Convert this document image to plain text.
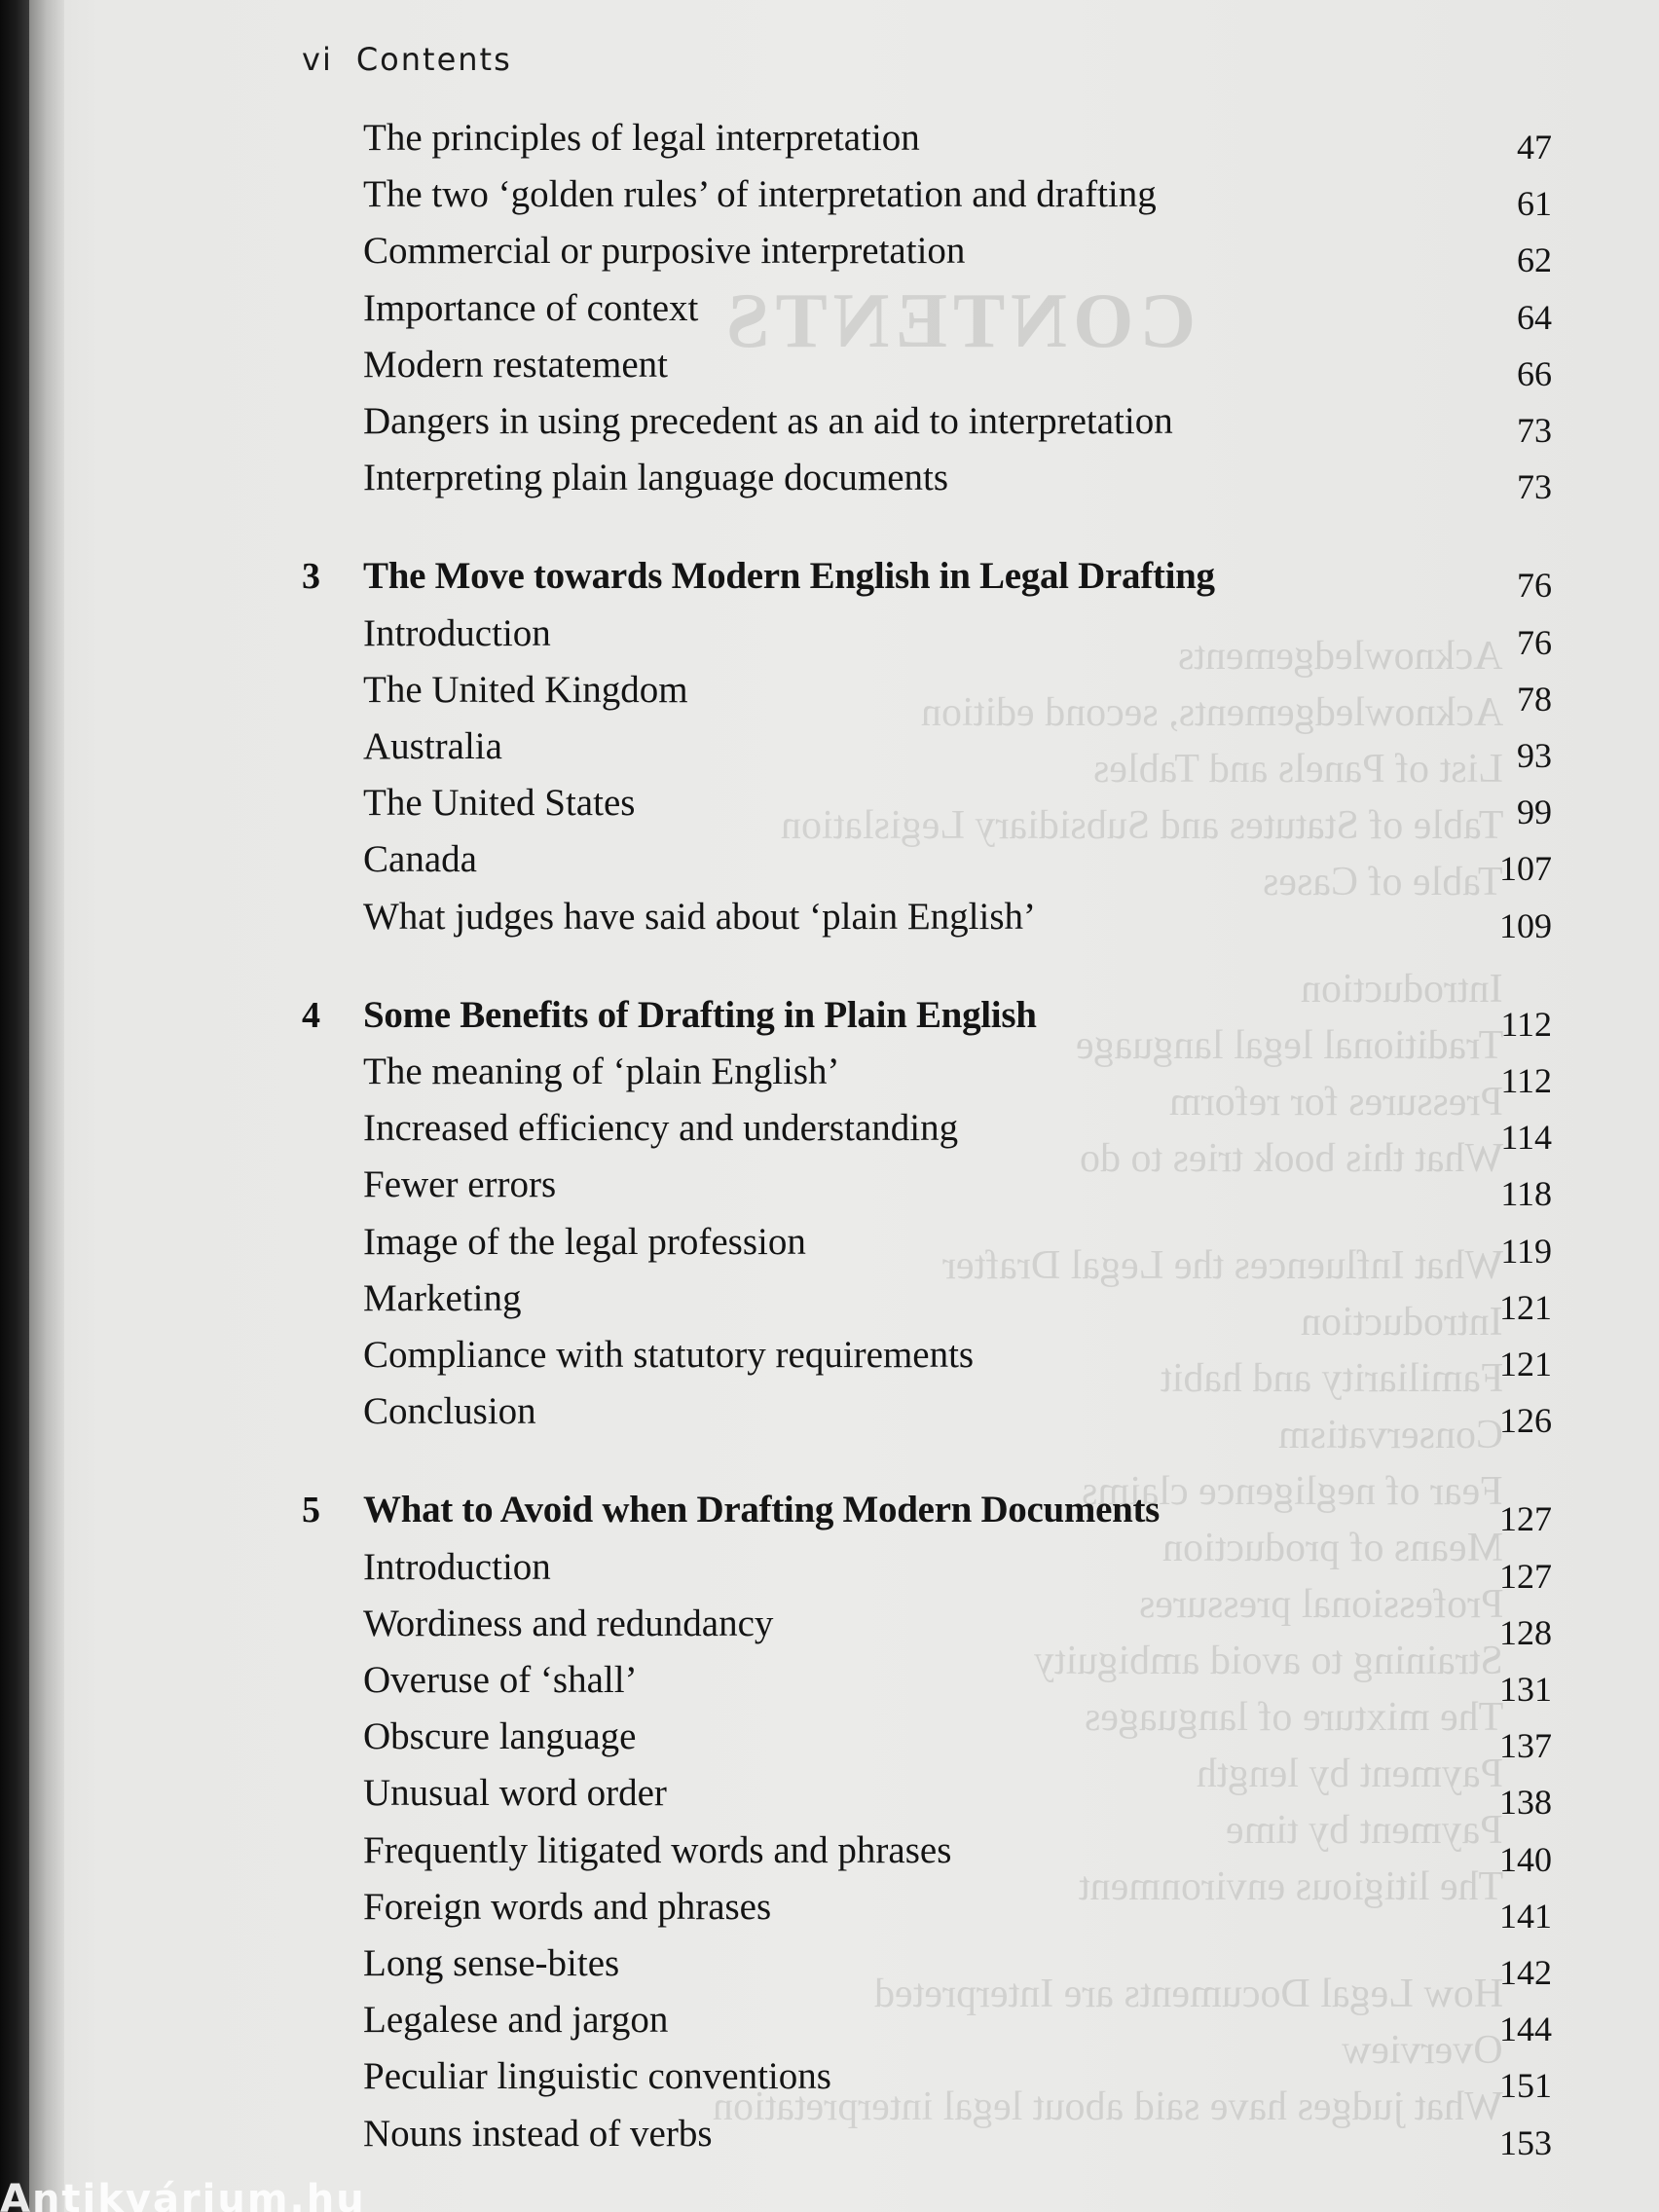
CONTENTS
Acknowledgements
Acknowledgements, second edition
List of Panels and Tables
Table of Statutes and Subsidiary Legislation
Table of Cases
Introduction
Traditional legal language
Pressures for reform
What this book tries to do
What Influences the Legal Drafter
Introduction
Familiarity and habit
Conservatism
Fear of negligence claims
Means of production
Professional pressures
Straining to avoid ambiguity
The mixture of languages
Payment by length
Payment by time
The litigious environment
How Legal Documents are Interpreted
Overview
What judges have said about legal interpretation
vi Contents
The principles of legal interpretation	47
The two ‘golden rules’ of interpretation and drafting	61
Commercial or purposive interpretation	62
Importance of context	64
Modern restatement	66
Dangers in using precedent as an aid to interpretation	73
Interpreting plain language documents	73
3 The Move towards Modern English in Legal Drafting	76
Introduction	76
The United Kingdom	78
Australia	93
The United States	99
Canada	107
What judges have said about ‘plain English’	109
4 Some Benefits of Drafting in Plain English	112
The meaning of ‘plain English’	112
Increased efficiency and understanding	114
Fewer errors	118
Image of the legal profession	119
Marketing	121
Compliance with statutory requirements	121
Conclusion	126
5 What to Avoid when Drafting Modern Documents	127
Introduction	127
Wordiness and redundancy	128
Overuse of ‘shall’	131
Obscure language	137
Unusual word order	138
Frequently litigated words and phrases	140
Foreign words and phrases	141
Long sense-bites	142
Legalese and jargon	144
Peculiar linguistic conventions	151
Nouns instead of verbs	153
Antikvárium.hu
